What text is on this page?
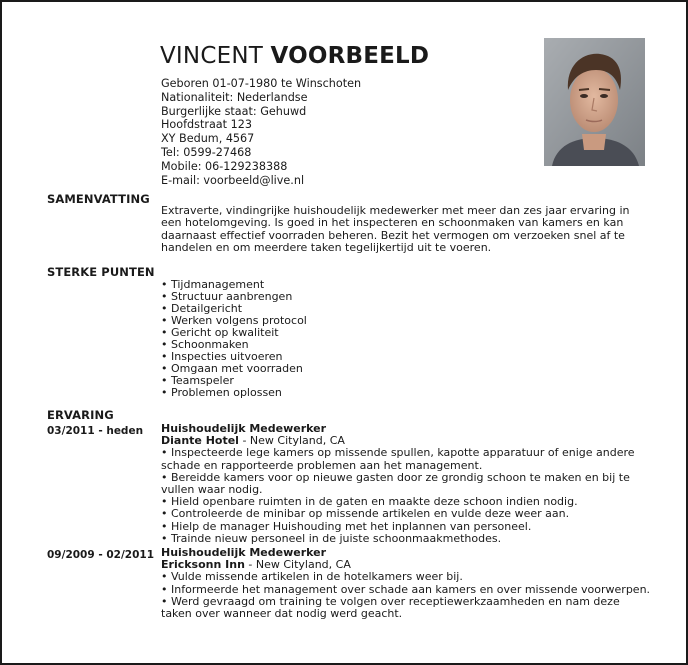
VINCENT VOORBEELD
Geboren 01-07-1980 te Winschoten
Nationaliteit: Nederlandse
Burgerlijke staat: Gehuwd
Hoofdstraat 123
XY Bedum, 4567
Tel: 0599-27468
Mobile: 06-129238388
E-mail: voorbeeld@live.nl
SAMENVATTING
Extraverte, vindingrijke huishoudelijk medewerker met meer dan zes jaar ervaring in een hotelomgeving. Is goed in het inspecteren en schoonmaken van kamers en kan daarnaast effectief voorraden beheren. Bezit het vermogen om verzoeken snel af te handelen en om meerdere taken tegelijkertijd uit te voeren.
STERKE PUNTEN
• Tijdmanagement
• Structuur aanbrengen
• Detailgericht
• Werken volgens protocol
• Gericht op kwaliteit
• Schoonmaken
• Inspecties uitvoeren
• Omgaan met voorraden
• Teamspeler
• Problemen oplossen
ERVARING
03/2011 - heden Huishoudelijk Medewerker
Diante Hotel - New Cityland, CA
• Inspecteerde lege kamers op missende spullen, kapotte apparatuur of enige andere schade en rapporteerde problemen aan het management.
• Bereidde kamers voor op nieuwe gasten door ze grondig schoon te maken en bij te vullen waar nodig.
• Hield openbare ruimten in de gaten en maakte deze schoon indien nodig.
• Controleerde de minibar op missende artikelen en vulde deze weer aan.
• Hielp de manager Huishouding met het inplannen van personeel.
• Trainde nieuw personeel in de juiste schoonmaakmethodes.
09/2009 - 02/2011 Huishoudelijk Medewerker
Ericksonn Inn - New Cityland, CA
• Vulde missende artikelen in de hotelkamers weer bij.
• Informeerde het management over schade aan kamers en over missende voorwerpen.
• Werd gevraagd om training te volgen over receptiewerkzaamheden en nam deze taken over wanneer dat nodig werd geacht.
